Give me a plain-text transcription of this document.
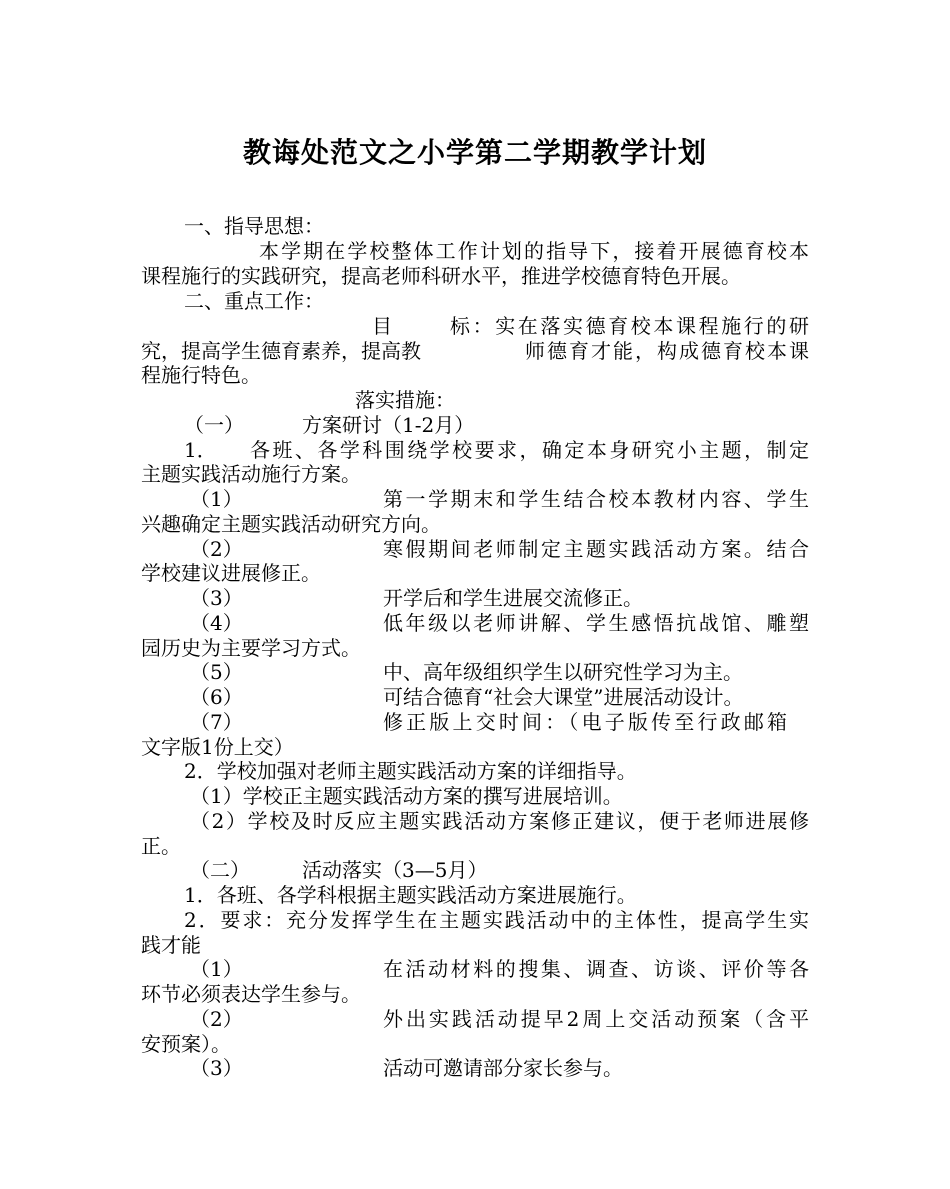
教诲处范文之小学第二学期教学计划
一、指导思想：
本学期在学校整体工作计划的指导下，接着开展德育校本
课程施行的实践研究，提高老师科研水平，推进学校德育特色开展。
二、重点工作：
目	标：实在落实德育校本课程施行的研
究，提高学生德育素养，提高教	师德育才能，构成德育校本课
程施行特色。
落实措施：
（一）	方案研讨（1-2月）
1． 各班、各学科围绕学校要求，确定本身研究小主题，制定
主题实践活动施行方案。
（1）	第一学期末和学生结合校本教材内容、学生
兴趣确定主题实践活动研究方向。
（2）	寒假期间老师制定主题实践活动方案。结合
学校建议进展修正。
（3）	开学后和学生进展交流修正。
（4）	低年级以老师讲解、学生感悟抗战馆、雕塑
园历史为主要学习方式。
（5）	中、高年级组织学生以研究性学习为主。
（6）	可结合德育“社会大课堂”进展活动设计。
（7）	修正版上交时间：（电子版传至行政邮箱
文字版1份上交）
2．学校加强对老师主题实践活动方案的详细指导。
（1）学校正主题实践活动方案的撰写进展培训。
（2）学校及时反应主题实践活动方案修正建议，便于老师进展修
正。
（二）	活动落实（3—5月）
1．各班、各学科根据主题实践活动方案进展施行。
2．要求：充分发挥学生在主题实践活动中的主体性，提高学生实
践才能
（1）	在活动材料的搜集、调查、访谈、评价等各
环节必须表达学生参与。
（2）	外出实践活动提早2周上交活动预案（含平
安预案）。
（3）	活动可邀请部分家长参与。
